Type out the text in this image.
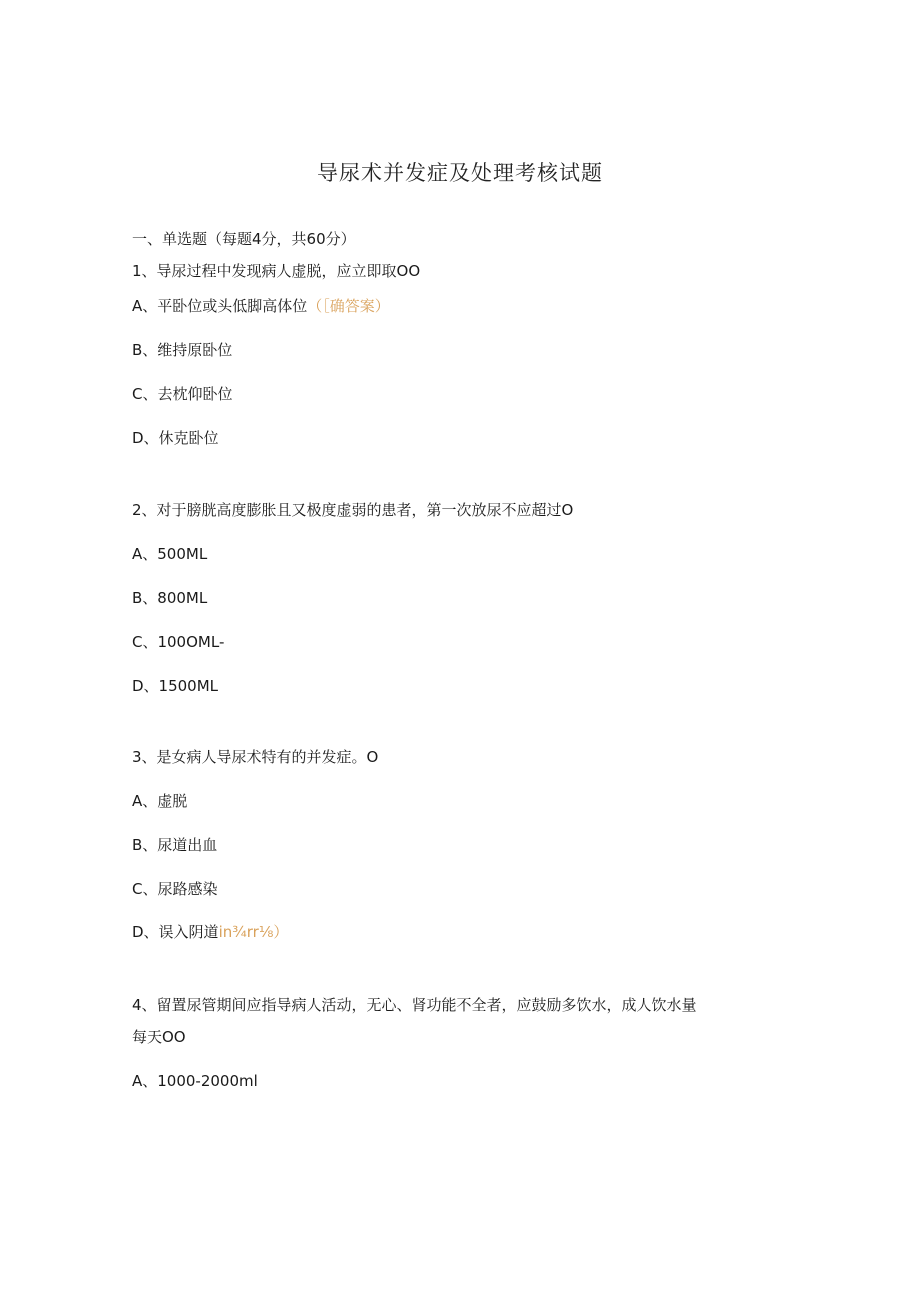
导尿术并发症及处理考核试题
一、单选题（每题4分，共60分）
1、导尿过程中发现病人虚脱，应立即取OO
A、平卧位或头低脚高体位（［确答案）
B、维持原卧位
C、去枕仰卧位
D、休克卧位
2、对于膀胱高度膨胀且又极度虚弱的患者，第一次放尿不应超过O
A、500ML
B、800ML
C、100OML-
D、1500ML
3、是女病人导尿术特有的并发症。O
A、虚脱
B、尿道出血
C、尿路感染
D、误入阴道in¾rr⅛）
4、留置尿管期间应指导病人活动，无心、肾功能不全者，应鼓励多饮水，成人饮水量
每天OO
A、1000-2000ml
